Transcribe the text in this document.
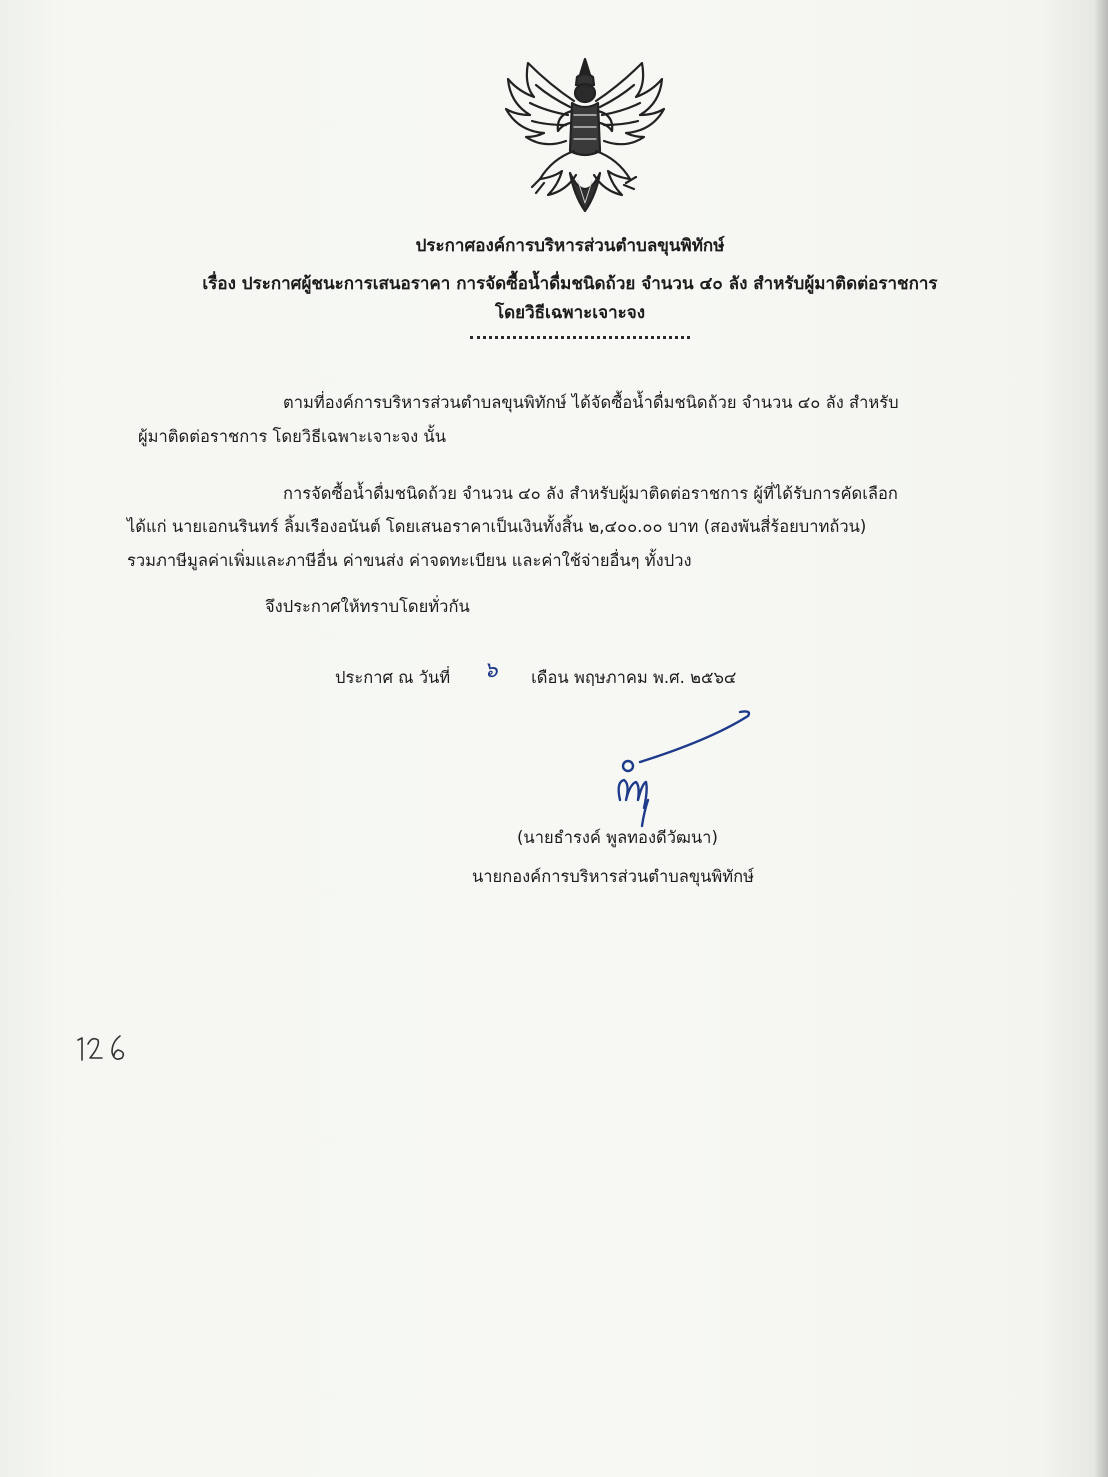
ประกาศองค์การบริหารส่วนตำบลขุนพิทักษ์
เรื่อง ประกาศผู้ชนะการเสนอราคา การจัดซื้อน้ำดื่มชนิดถ้วย จำนวน ๔๐ ลัง สำหรับผู้มาติดต่อราชการ
โดยวิธีเฉพาะเจาะจง
ตามที่องค์การบริหารส่วนตำบลขุนพิทักษ์ ได้จัดซื้อน้ำดื่มชนิดถ้วย จำนวน ๔๐ ลัง สำหรับ
ผู้มาติดต่อราชการ โดยวิธีเฉพาะเจาะจง นั้น
การจัดซื้อน้ำดื่มชนิดถ้วย จำนวน ๔๐ ลัง สำหรับผู้มาติดต่อราชการ ผู้ที่ได้รับการคัดเลือก
ได้แก่ นายเอกนรินทร์ ลิ้มเรืองอนันต์ โดยเสนอราคาเป็นเงินทั้งสิ้น ๒,๔๐๐.๐๐ บาท (สองพันสี่ร้อยบาทถ้วน)
รวมภาษีมูลค่าเพิ่มและภาษีอื่น ค่าขนส่ง ค่าจดทะเบียน และค่าใช้จ่ายอื่นๆ ทั้งปวง
จึงประกาศให้ทราบโดยทั่วกัน
ประกาศ ณ วันที่ ๖ เดือน พฤษภาคม พ.ศ. ๒๕๖๔
(นายธำรงค์ พูลทองดีวัฒนา)
นายกองค์การบริหารส่วนตำบลขุนพิทักษ์
